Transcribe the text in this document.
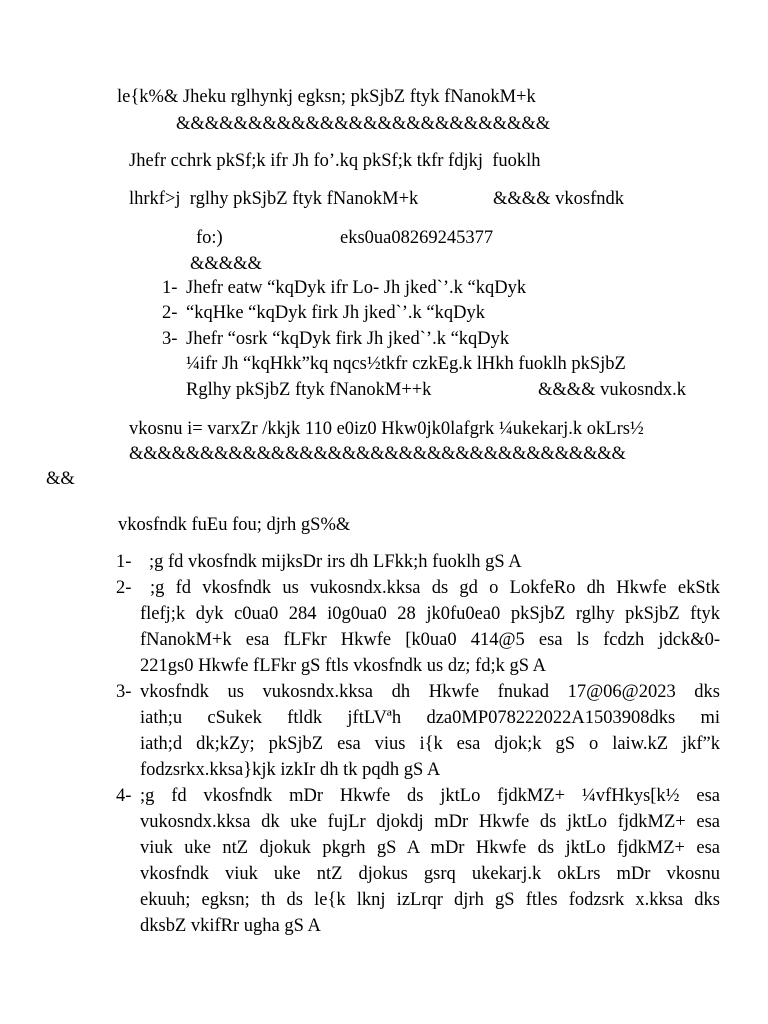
le{k%& Jheku rglhynkj egksn; pkSjbZ ftyk fNanokM+k
&&&&&&&&&&&&&&&&&&&&&&&&&&
Jhefr cchrk pkSf;k ifr Jh fo’.kq pkSf;k tkfr fdjkj  fuoklh
lhrkf>j  rglhy pkSjbZ ftyk fNanokM+k	&&&& vkosfndk
fo:)	eks0ua08269245377
&&&&&
1- Jhefr eatw “kqDyk ifr Lo- Jh jked`’.k “kqDyk
2- “kqHke “kqDyk firk Jh jked`’.k “kqDyk
3- Jhefr “osrk “kqDyk firk Jh jked`’.k “kqDyk
¼ifr Jh “kqHkk”kq nqcs½tkfr czkEg.k lHkh fuoklh pkSjbZ
Rglhy pkSjbZ ftyk fNanokM++k	&&&& vukosndx.k
vkosnu i= varxZr /kkjk 110 e0iz0 Hkw0jk0lafgrk ¼ukekarj.k okLrs½
&&&&&&&&&&&&&&&&&&&&&&&&&&&&&&&&&&&
&&
vkosfndk fuEu fou; djrh gS%&
1- ;g fd vkosfndk mijksDr irs dh LFkk;h fuoklh gS A
2-	;g fd vkosfndk us vukosndx.kksa ds gd o LokfeRo dh Hkwfe ekStk
flefj;k dyk c0ua0 284 i0g0ua0 28 jk0fu0ea0 pkSjbZ rglhy pkSjbZ ftyk
fNanokM+k esa fLFkr Hkwfe [k0ua0 414@5 esa ls fcdzh jdck&0-
221gs0 Hkwfe fLFkr gS ftls vkosfndk us dz; fd;k gS A
3- vkosfndk us vukosndx.kksa dh Hkwfe fnukad 17@06@2023 dks
iath;u cSukek ftldk jftLVªh dza0MP078222022A1503908dks mi
iath;d dk;kZy; pkSjbZ esa vius i{k esa djok;k gS o laiw.kZ jkf”k
fodzsrkx.kksa}kjk izkIr dh tk pqdh gS A
4- ;g fd vkosfndk mDr Hkwfe ds jktLo fjdkMZ+ ¼vfHkys[k½ esa
vukosndx.kksa dk uke fujLr djokdj mDr Hkwfe ds jktLo fjdkMZ+ esa
viuk uke ntZ djokuk pkgrh gS A mDr Hkwfe ds jktLo fjdkMZ+ esa
vkosfndk viuk uke ntZ djokus gsrq ukekarj.k okLrs mDr vkosnu
ekuuh; egksn; th ds le{k lknj izLrqr djrh gS ftles fodzsrk x.kksa dks
dksbZ vkifRr ugha gS A
